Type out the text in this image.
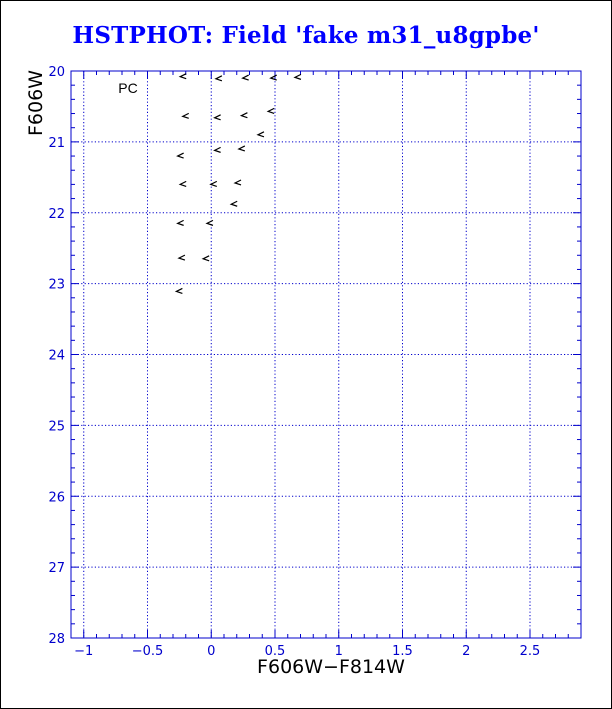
HSTPHOT: Field 'fake m31_u8gpbe'
−1	−0.5	0	0.5	1	1.5	2	2.5
20
21
22
23
24
25
26
27
28
PC
F606W−F814W
F606W
